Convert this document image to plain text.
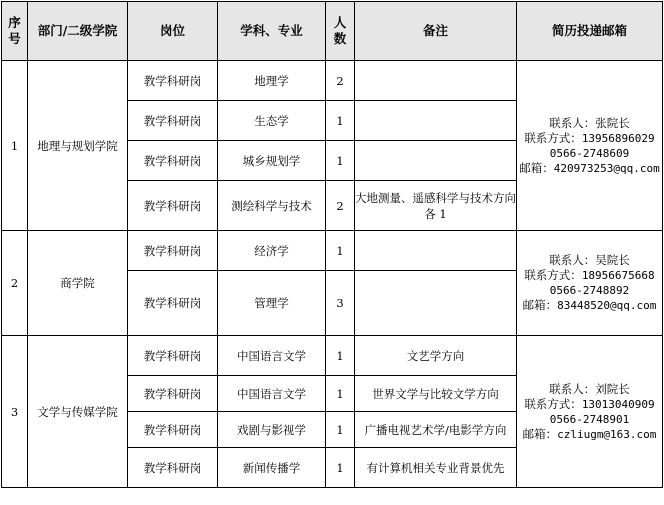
序
号	部门/二级学院	岗位	学科、专业	人
数	备注	简历投递邮箱
1	地理与规划学院	教学科研岗	地理学	2		联系人：张院长
联系方式：13956896029
0566-2748609
邮箱：420973253@qq.com

		教学科研岗	生态学	1		
		教学科研岗	城乡规划学	1		
		教学科研岗	测绘科学与技术	2	大地测量、遥感科学与技术方向各 1	
2	商学院	教学科研岗	经济学	1		联系人：吴院长
联系方式：18956675668
0566-2748892
邮箱：83448520@qq.com

		教学科研岗	管理学	3		
3	文学与传媒学院	教学科研岗	中国语言文学	1	文艺学方向	联系人：刘院长
联系方式：13013040909
0566-2748901
邮箱：czliugm@163.com

		教学科研岗	中国语言文学	1	世界文学与比较文学方向	
		教学科研岗	戏剧与影视学	1	广播电视艺术学/电影学方向	
		教学科研岗	新闻传播学	1	有计算机相关专业背景优先	
